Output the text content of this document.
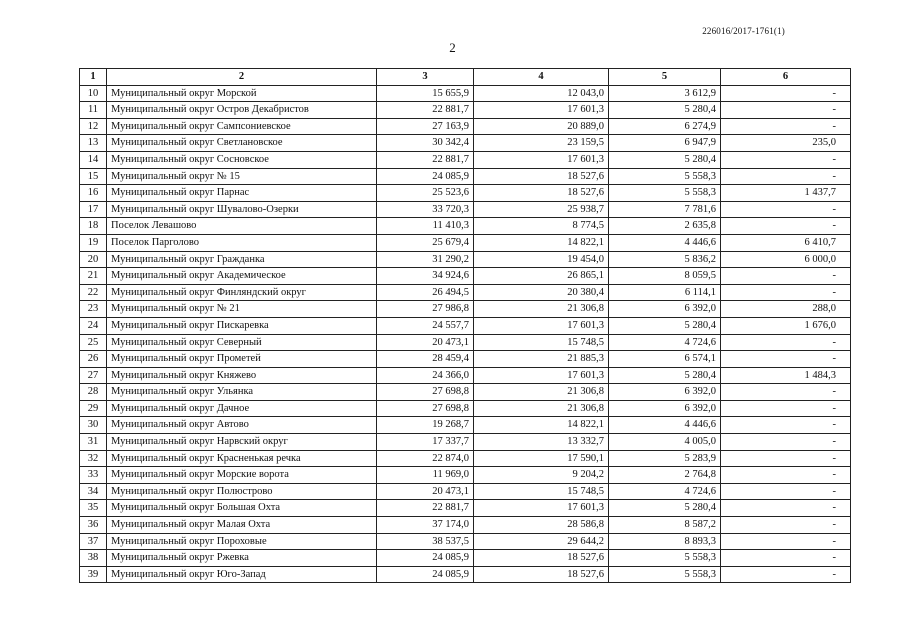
226016/2017-1761(1)
2
1	2	3	4	5	6
10	Муниципальный округ Морской	15 655,9	12 043,0	3 612,9	-
11	Муниципальный округ Остров Декабристов	22 881,7	17 601,3	5 280,4	-
12	Муниципальный округ Сампсониевское	27 163,9	20 889,0	6 274,9	-
13	Муниципальный округ Светлановское	30 342,4	23 159,5	6 947,9	235,0
14	Муниципальный округ Сосновское	22 881,7	17 601,3	5 280,4	-
15	Муниципальный округ № 15	24 085,9	18 527,6	5 558,3	-
16	Муниципальный округ Парнас	25 523,6	18 527,6	5 558,3	1 437,7
17	Муниципальный округ Шувалово-Озерки	33 720,3	25 938,7	7 781,6	-
18	Поселок Левашово	11 410,3	8 774,5	2 635,8	-
19	Поселок Парголово	25 679,4	14 822,1	4 446,6	6 410,7
20	Муниципальный округ Гражданка	31 290,2	19 454,0	5 836,2	6 000,0
21	Муниципальный округ Академическое	34 924,6	26 865,1	8 059,5	-
22	Муниципальный округ Финляндский округ	26 494,5	20 380,4	6 114,1	-
23	Муниципальный округ № 21	27 986,8	21 306,8	6 392,0	288,0
24	Муниципальный округ Пискаревка	24 557,7	17 601,3	5 280,4	1 676,0
25	Муниципальный округ Северный	20 473,1	15 748,5	4 724,6	-
26	Муниципальный округ Прометей	28 459,4	21 885,3	6 574,1	-
27	Муниципальный округ Княжево	24 366,0	17 601,3	5 280,4	1 484,3
28	Муниципальный округ Ульянка	27 698,8	21 306,8	6 392,0	-
29	Муниципальный округ Дачное	27 698,8	21 306,8	6 392,0	-
30	Муниципальный округ Автово	19 268,7	14 822,1	4 446,6	-
31	Муниципальный округ Нарвский округ	17 337,7	13 332,7	4 005,0	-
32	Муниципальный округ Красненькая речка	22 874,0	17 590,1	5 283,9	-
33	Муниципальный округ Морские ворота	11 969,0	9 204,2	2 764,8	-
34	Муниципальный округ Полюстрово	20 473,1	15 748,5	4 724,6	-
35	Муниципальный округ Большая Охта	22 881,7	17 601,3	5 280,4	-
36	Муниципальный округ Малая Охта	37 174,0	28 586,8	8 587,2	-
37	Муниципальный округ Пороховые	38 537,5	29 644,2	8 893,3	-
38	Муниципальный округ Ржевка	24 085,9	18 527,6	5 558,3	-
39	Муниципальный округ Юго-Запад	24 085,9	18 527,6	5 558,3	-
